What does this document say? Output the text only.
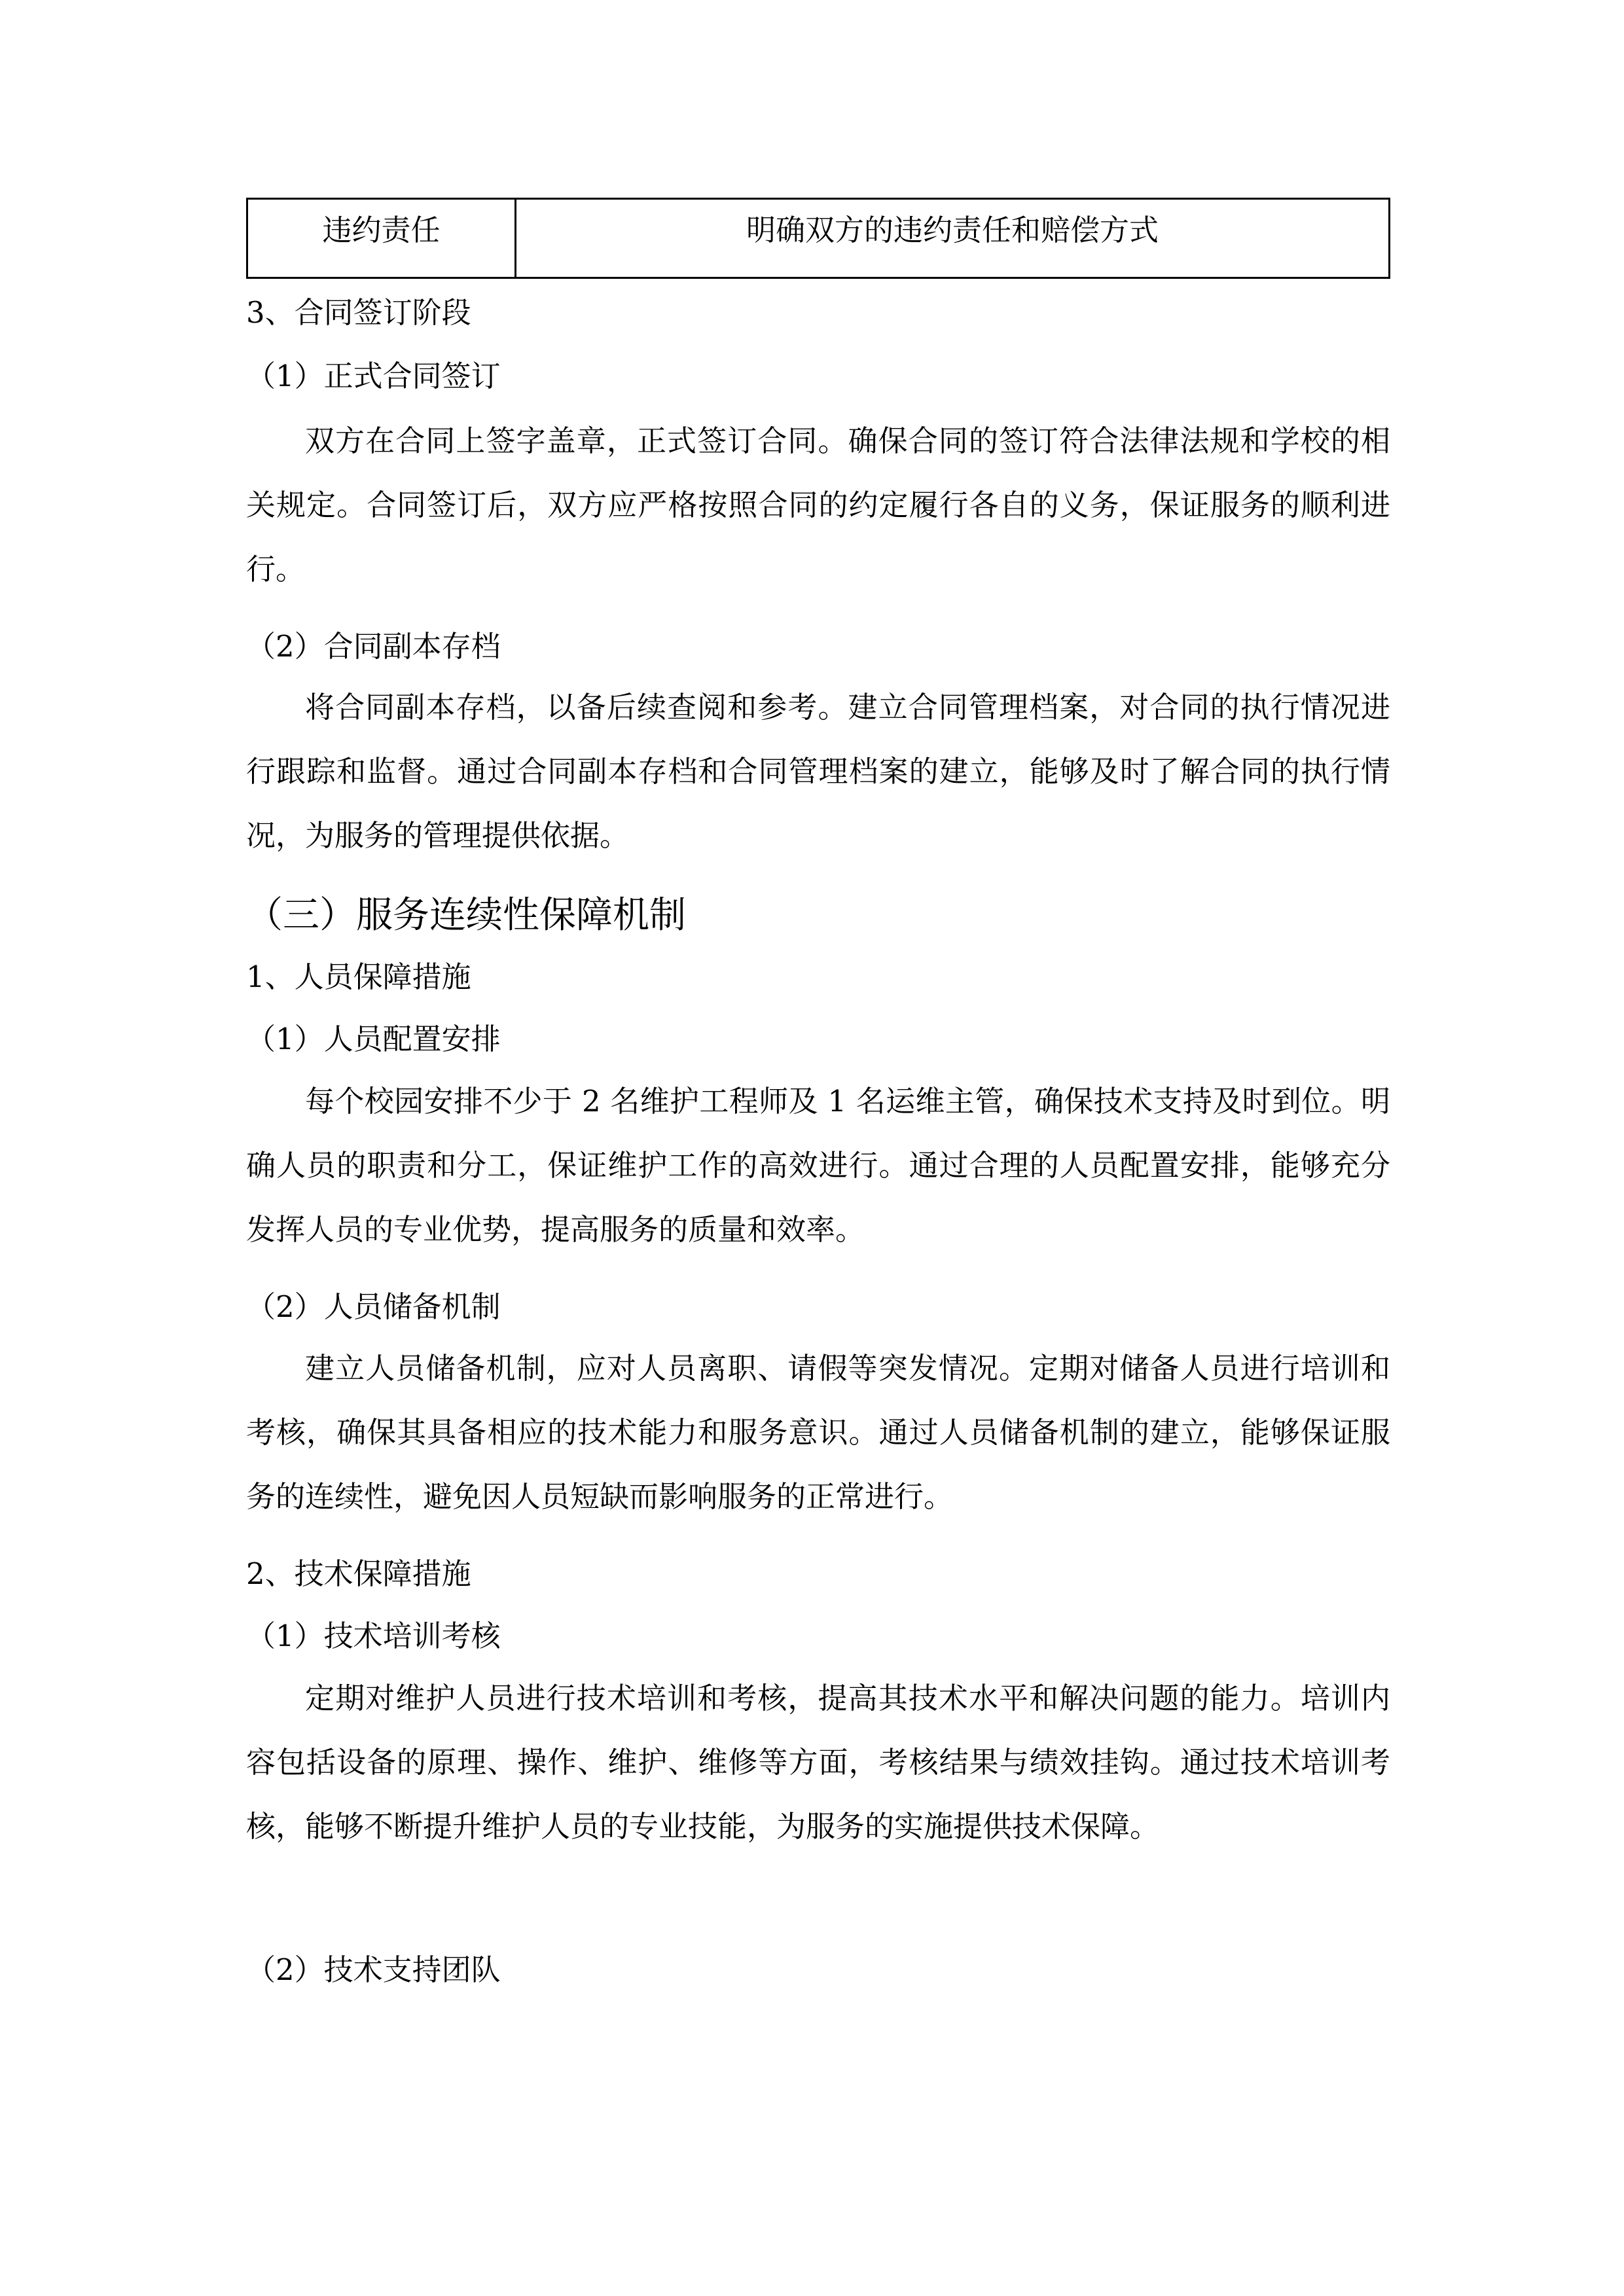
违约责任	明确双方的违约责任和赔偿方式
3、合同签订阶段
（1）正式合同签订

双方在合同上签字盖章，正式签订合同。确保合同的签订符合法律法规和学校的相关规定。合同签订后，双方应严格按照合同的约定履行各自的义务，保证服务的顺利进行。

（2）合同副本存档

将合同副本存档，以备后续查阅和参考。建立合同管理档案，对合同的执行情况进行跟踪和监督。通过合同副本存档和合同管理档案的建立，能够及时了解合同的执行情况，为服务的管理提供依据。

（三）服务连续性保障机制
1、人员保障措施
（1）人员配置安排

每个校园安排不少于 2 名维护工程师及 1 名运维主管，确保技术支持及时到位。明确人员的职责和分工，保证维护工作的高效进行。通过合理的人员配置安排，能够充分发挥人员的专业优势，提高服务的质量和效率。

（2）人员储备机制

建立人员储备机制，应对人员离职、请假等突发情况。定期对储备人员进行培训和考核，确保其具备相应的技术能力和服务意识。通过人员储备机制的建立，能够保证服务的连续性，避免因人员短缺而影响服务的正常进行。

2、技术保障措施
（1）技术培训考核

定期对维护人员进行技术培训和考核，提高其技术水平和解决问题的能力。培训内容包括设备的原理、操作、维护、维修等方面，考核结果与绩效挂钩。通过技术培训考核，能够不断提升维护人员的专业技能，为服务的实施提供技术保障。

（2）技术支持团队
